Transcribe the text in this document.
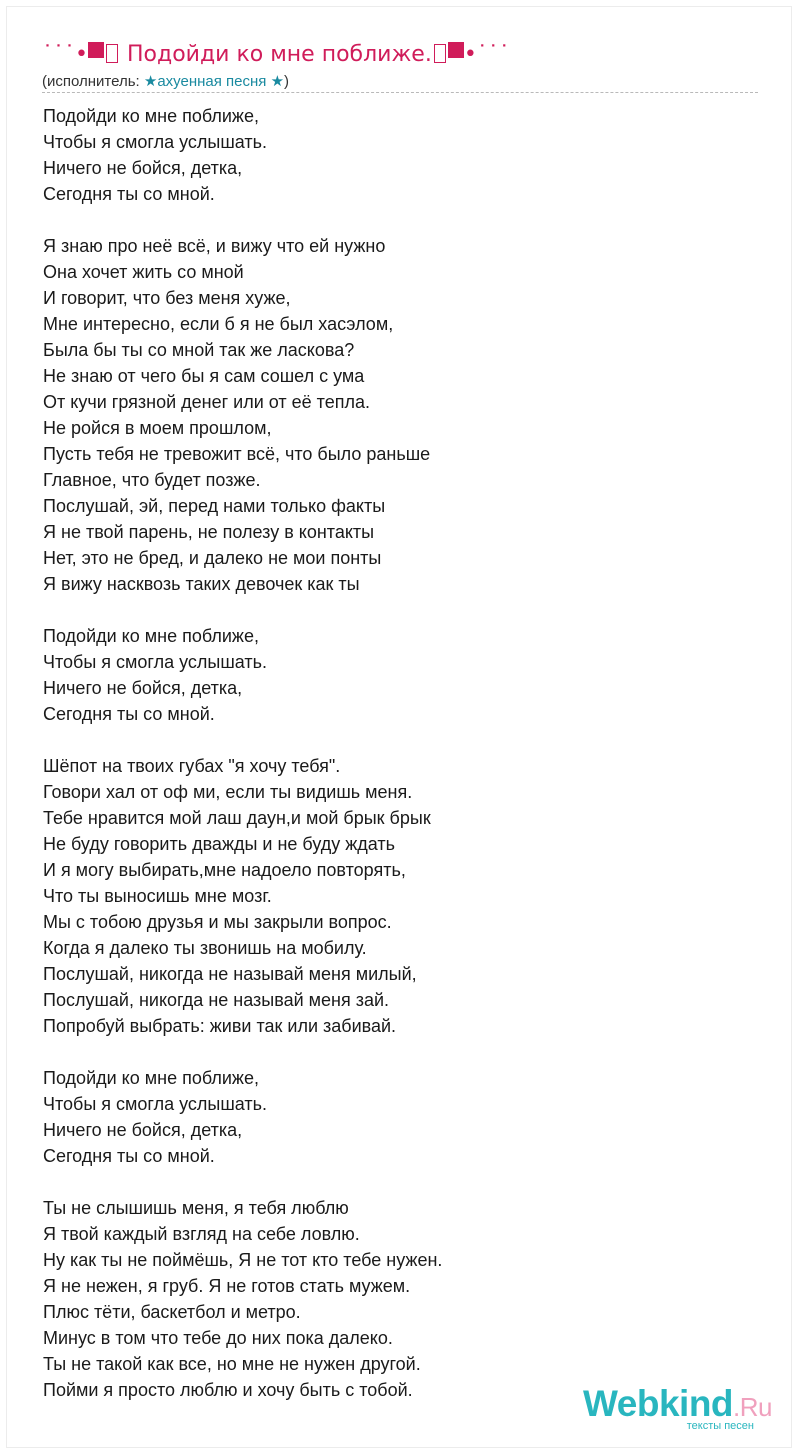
˙˙˙• Подойди ко мне поближе. •˙˙˙
(исполнитель: ★ахуенная песня ★)
Подойди ко мне поближе,
Чтобы я смогла услышать.
Ничего не бойся, детка,
Сегодня ты со мной.
Я знаю про неё всё, и вижу что ей нужно
Она хочет жить со мной
И говорит, что без меня хуже,
Мне интересно, если б я не был хасэлом,
Была бы ты со мной так же ласкова?
Не знаю от чего бы я сам сошел с ума
От кучи грязной денег или от её тепла.
Не ройся в моем прошлом,
Пусть тебя не тревожит всё, что было раньше
Главное, что будет позже.
Послушай, эй, перед нами только факты
Я не твой парень, не полезу в контакты
Нет, это не бред, и далеко не мои понты
Я вижу насквозь таких девочек как ты
Подойди ко мне поближе,
Чтобы я смогла услышать.
Ничего не бойся, детка,
Сегодня ты со мной.
Шёпот на твоих губах "я хочу тебя".
Говори хал от оф ми, если ты видишь меня.
Тебе нравится мой лаш даун,и мой брык брык
Не буду говорить дважды и не буду ждать
И я могу выбирать,мне надоело повторять,
Что ты выносишь мне мозг.
Мы с тобою друзья и мы закрыли вопрос.
Когда я далеко ты звонишь на мобилу.
Послушай, никогда не называй меня милый,
Послушай, никогда не называй меня зай.
Попробуй выбрать: живи так или забивай.
Подойди ко мне поближе,
Чтобы я смогла услышать.
Ничего не бойся, детка,
Сегодня ты со мной.
Ты не слышишь меня, я тебя люблю
Я твой каждый взгляд на себе ловлю.
Ну как ты не поймёшь, Я не тот кто тебе нужен.
Я не нежен, я груб. Я не готов стать мужем.
Плюс тёти, баскетбол и метро.
Минус в том что тебе до них пока далеко.
Ты не такой как все, но мне не нужен другой.
Пойми я просто люблю и хочу быть с тобой.	Webkind.Ru
тексты песен
